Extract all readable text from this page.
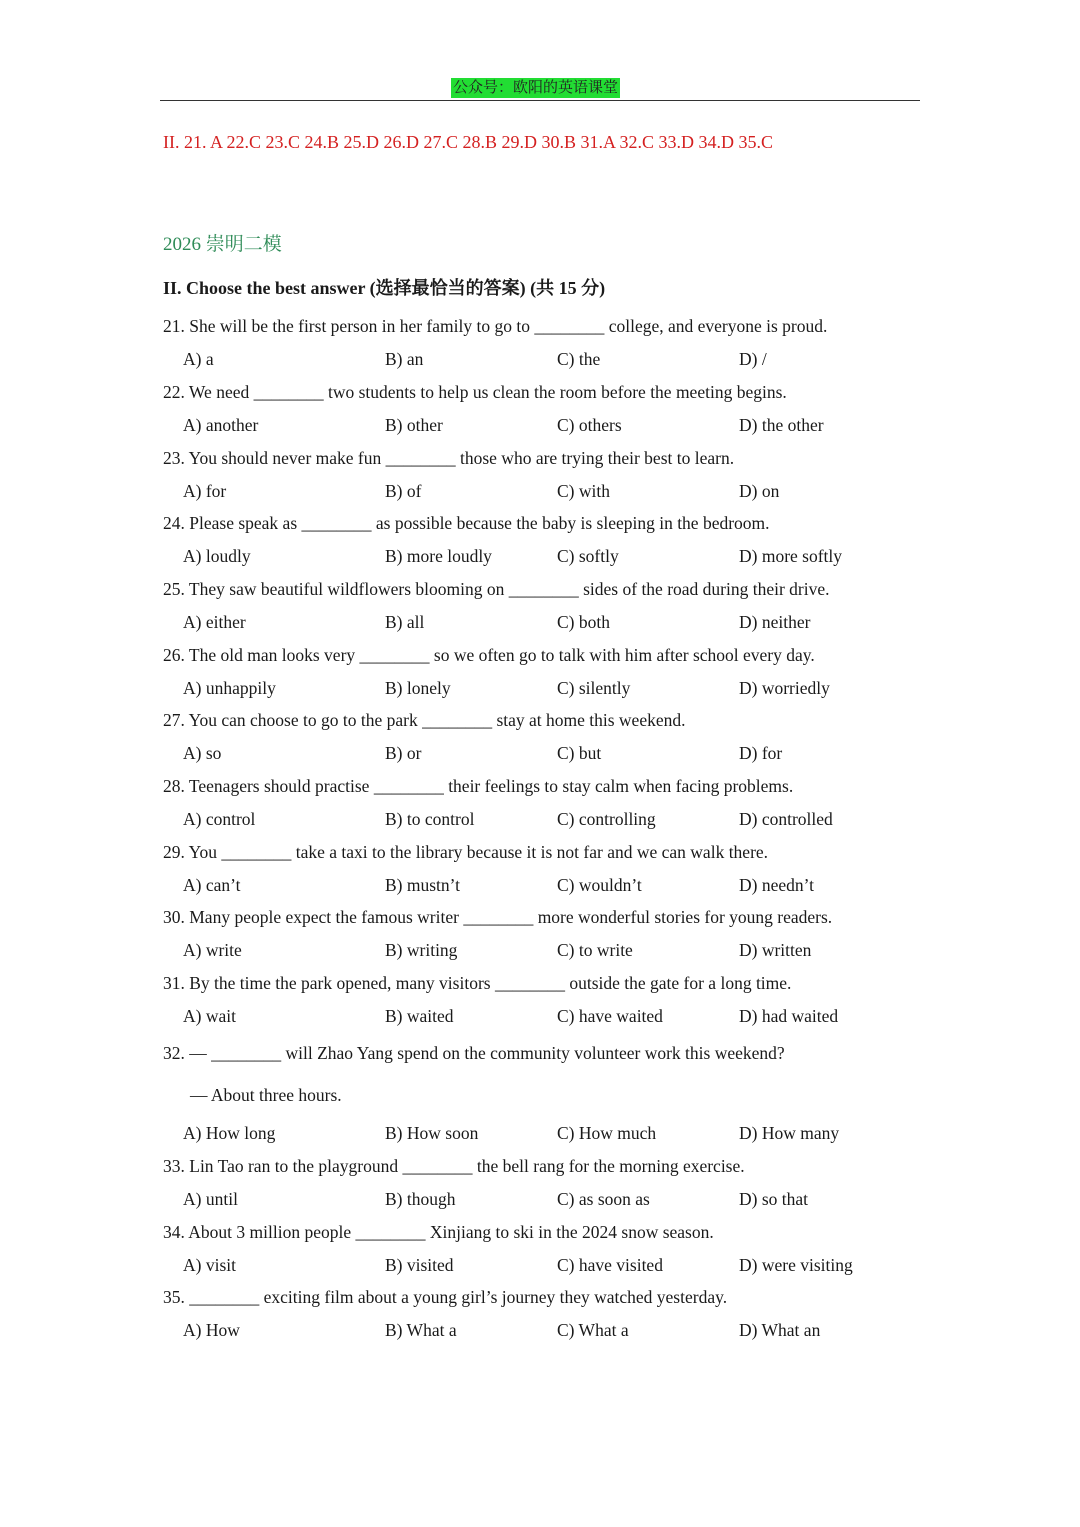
公众号：欧阳的英语课堂
II. 21. A 22.C 23.C 24.B 25.D 26.D 27.C 28.B 29.D 30.B 31.A 32.C 33.D 34.D 35.C
2026 崇明二模
II. Choose the best answer (选择最恰当的答案) (共 15 分)
21. She will be the first person in her family to go to ________ college, and everyone is proud.
A) a	B) an	C) the	D) /
22. We need ________ two students to help us clean the room before the meeting begins.
A) another	B) other	C) others	D) the other
23. You should never make fun ________ those who are trying their best to learn.
A) for	B) of	C) with	D) on
24. Please speak as ________ as possible because the baby is sleeping in the bedroom.
A) loudly	B) more loudly	C) softly	D) more softly
25. They saw beautiful wildflowers blooming on ________ sides of the road during their drive.
A) either	B) all	C) both	D) neither
26. The old man looks very ________ so we often go to talk with him after school every day.
A) unhappily	B) lonely	C) silently	D) worriedly
27. You can choose to go to the park ________ stay at home this weekend.
A) so	B) or	C) but	D) for
28. Teenagers should practise ________ their feelings to stay calm when facing problems.
A) control	B) to control	C) controlling	D) controlled
29. You ________ take a taxi to the library because it is not far and we can walk there.
A) can’t	B) mustn’t	C) wouldn’t	D) needn’t
30. Many people expect the famous writer ________ more wonderful stories for young readers.
A) write	B) writing	C) to write	D) written
31. By the time the park opened, many visitors ________ outside the gate for a long time.
A) wait	B) waited	C) have waited	D) had waited
32. — ________ will Zhao Yang spend on the community volunteer work this weekend?
— About three hours.
A) How long	B) How soon	C) How much	D) How many
33. Lin Tao ran to the playground ________ the bell rang for the morning exercise.
A) until	B) though	C) as soon as	D) so that
34. About 3 million people ________ Xinjiang to ski in the 2024 snow season.
A) visit	B) visited	C) have visited	D) were visiting
35. ________ exciting film about a young girl’s journey they watched yesterday.
A) How	B) What a	C) What a	D) What an
